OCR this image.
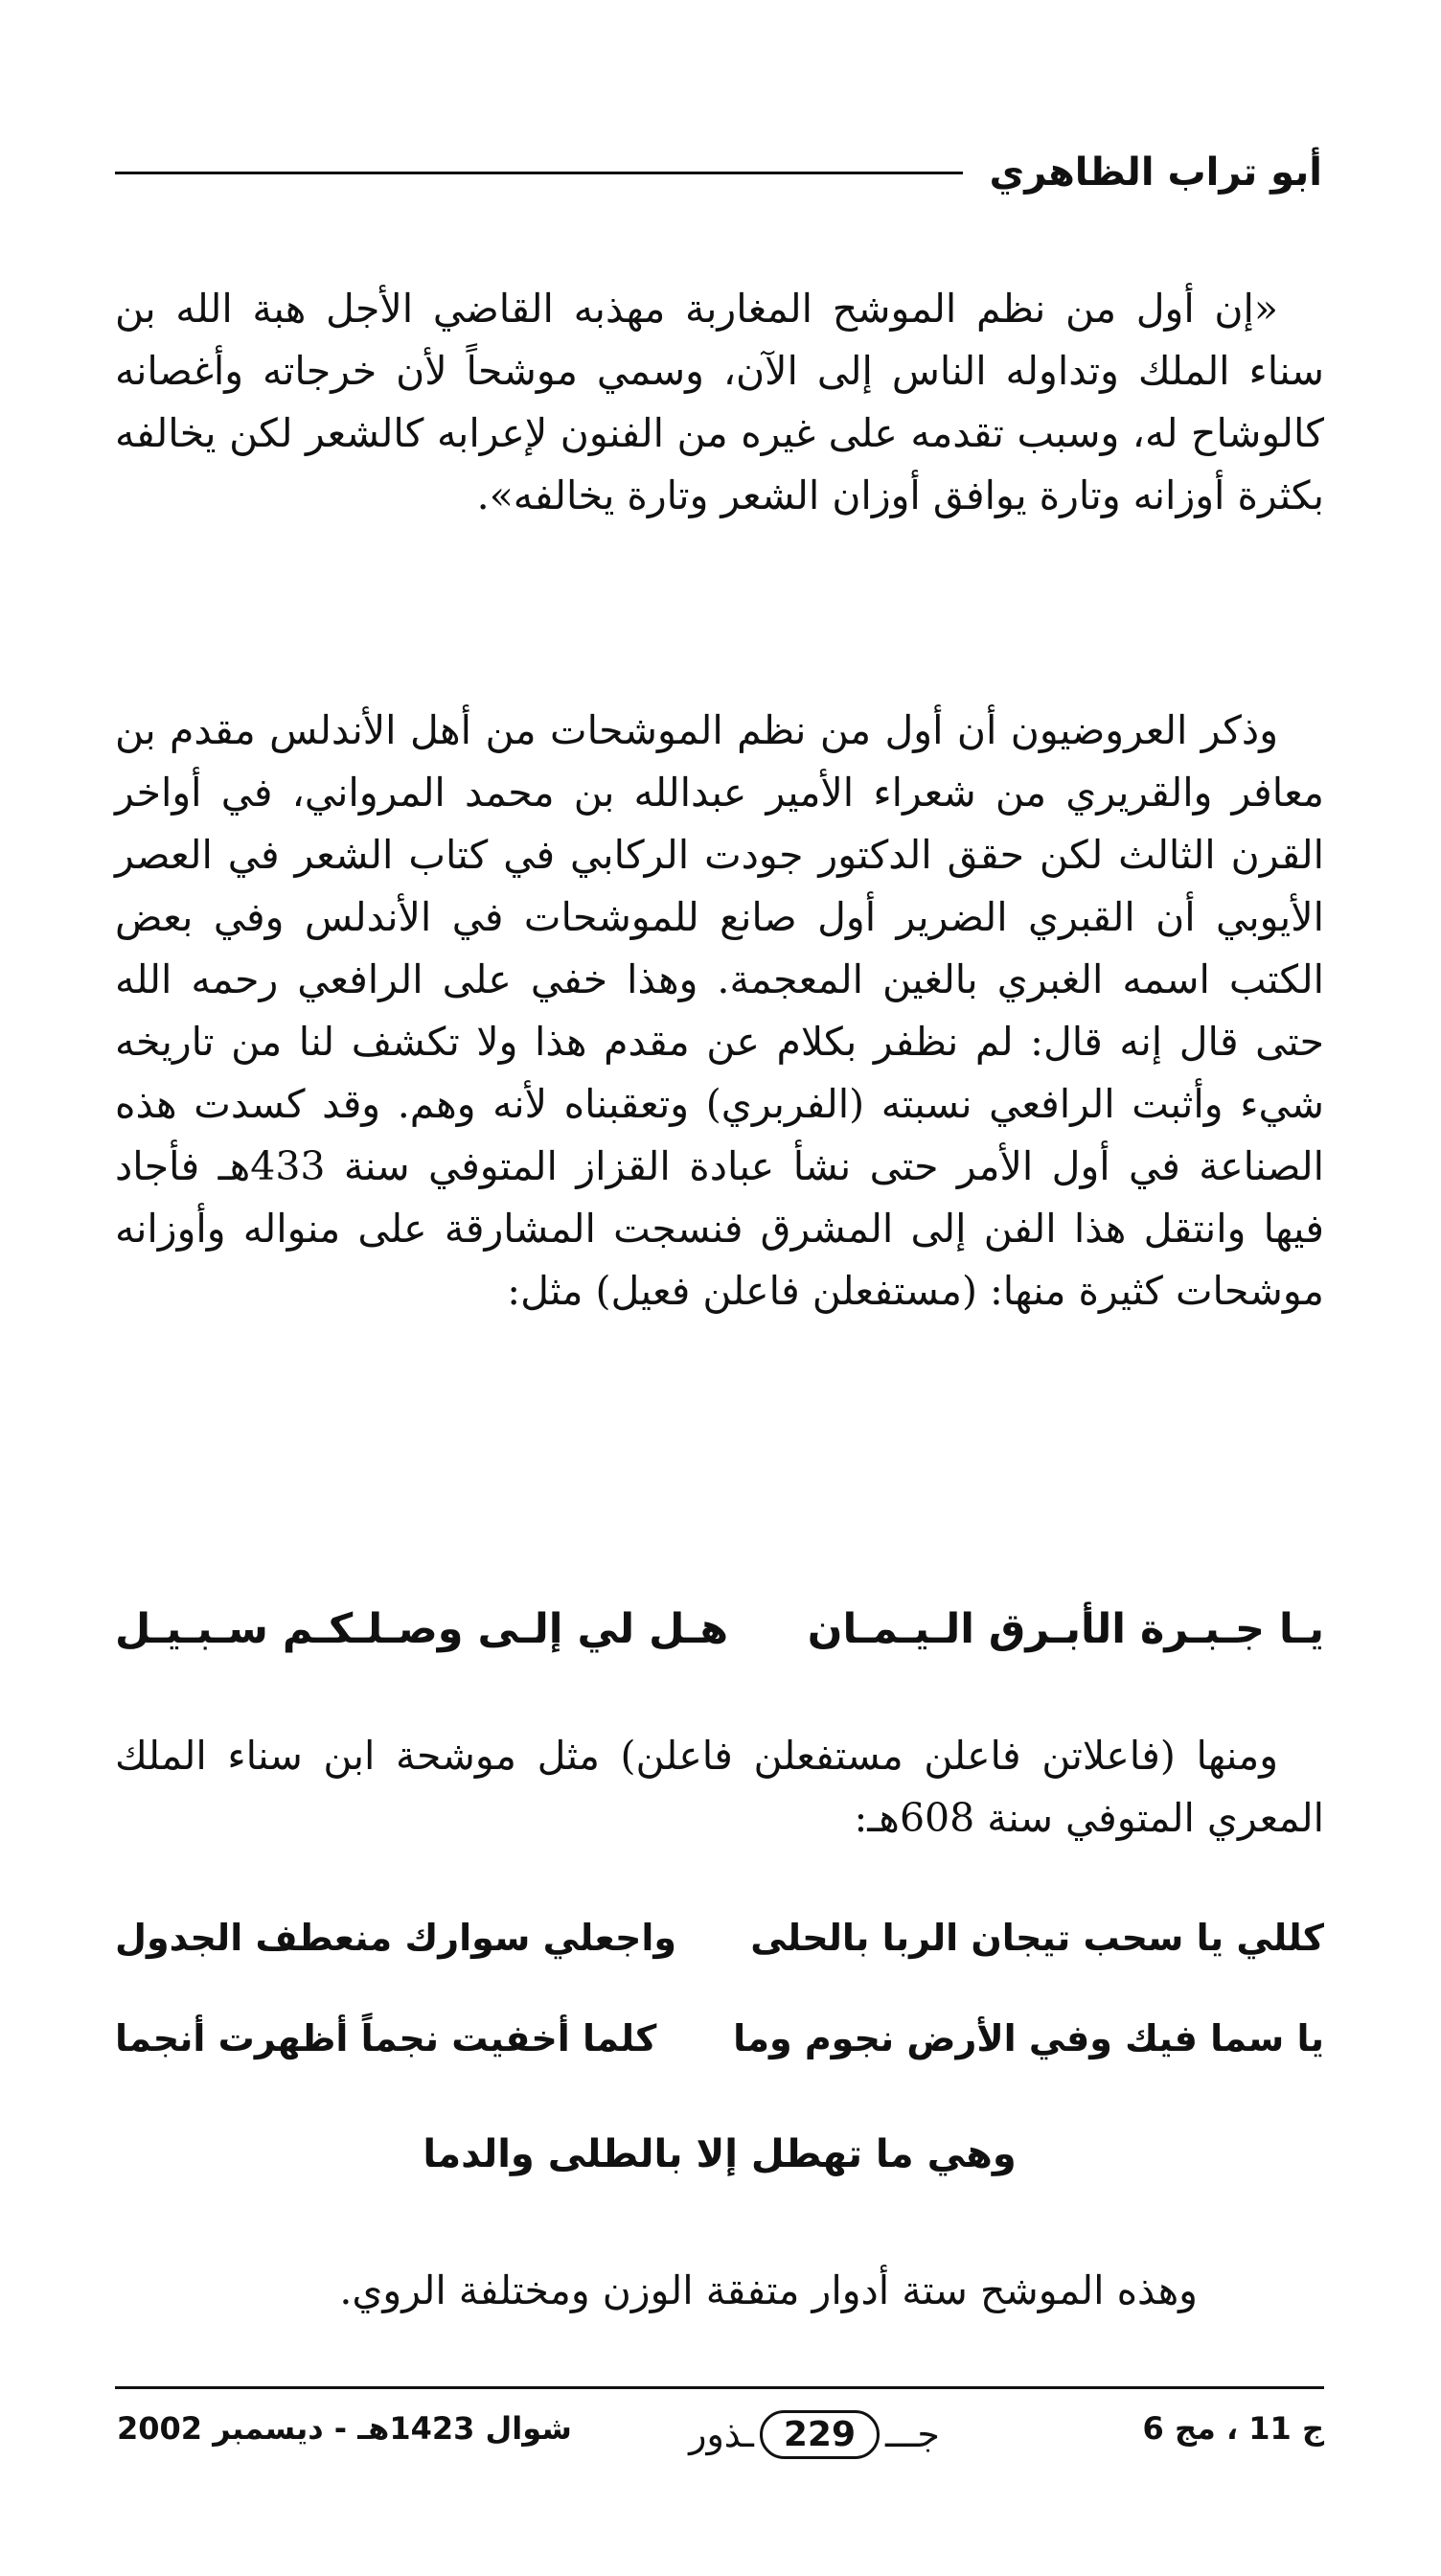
أبو تراب الظاهري

«إن أول من نظم الموشح المغاربة مهذبه القاضي الأجل هبة الله بن سناء الملك وتداوله الناس إلى الآن، وسمي موشحاً لأن خرجاته وأغصانه كالوشاح له، وسبب تقدمه على غيره من الفنون لإعرابه كالشعر لكن يخالفه بكثرة أوزانه وتارة يوافق أوزان الشعر وتارة يخالفه».

وذكر العروضيون أن أول من نظم الموشحات من أهل الأندلس مقدم بن معافر والقريري من شعراء الأمير عبدالله بن محمد المرواني، في أواخر القرن الثالث لكن حقق الدكتور جودت الركابي في كتاب الشعر في العصر الأيوبي أن القبري الضرير أول صانع للموشحات في الأندلس وفي بعض الكتب اسمه الغبري بالغين المعجمة. وهذا خفي على الرافعي رحمه الله حتى قال إنه قال: لم نظفر بكلام عن مقدم هذا ولا تكشف لنا من تاريخه شيء وأثبت الرافعي نسبته (الفربري) وتعقبناه لأنه وهم. وقد كسدت هذه الصناعة في أول الأمر حتى نشأ عبادة القزاز المتوفي سنة 433هـ فأجاد فيها وانتقل هذا الفن إلى المشرق فنسجت المشارقة على منواله وأوزانه موشحات كثيرة منها: (مستفعلن فاعلن فعيل) مثل:

يـا جـبـرة الأبـرق الـيـمـان
هـل لي إلـى وصـلـكـم سـبـيـل

ومنها (فاعلاتن فاعلن مستفعلن فاعلن) مثل موشحة ابن سناء الملك المعري المتوفي سنة 608هـ:

كللي يا سحب تيجان الربا بالحلى
واجعلي سوارك منعطف الجدول
يا سما فيك وفي الأرض نجوم وما
كلما أخفيت نجماً أظهرت أنجما
وهي ما تهطل إلا بالطلى والدما

وهذه الموشح ستة أدوار متفقة الوزن ومختلفة الروي.

ج 11 ، مج 6
جـــ
229
ـذور
شوال 1423هـ - ديسمبر 2002
